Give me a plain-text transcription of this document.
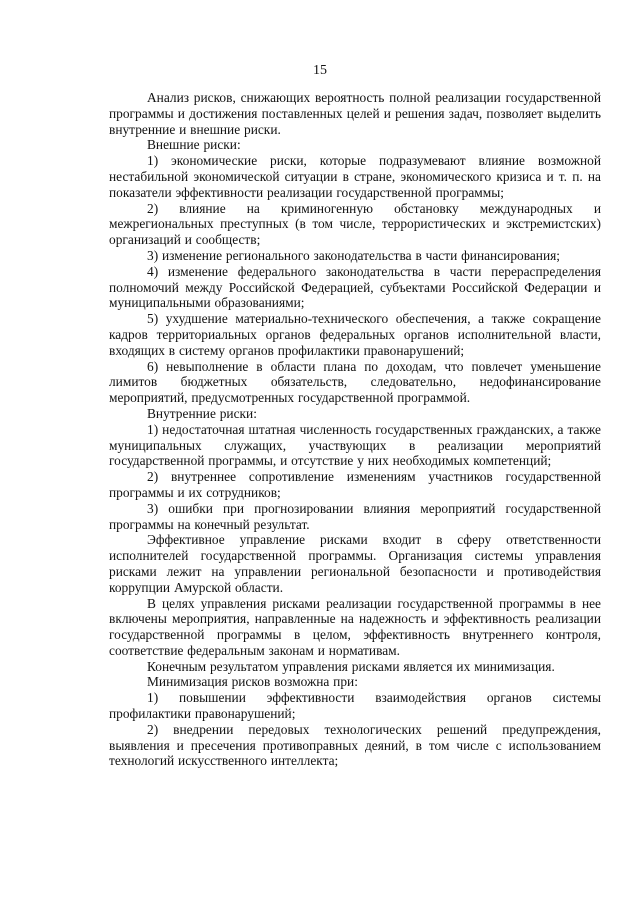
15

Анализ рисков, снижающих вероятность полной реализации государственной программы и достижения поставленных целей и решения задач, позволяет выделить внутренние и внешние риски.

Внешние риски:

1) экономические риски, которые подразумевают влияние возможной нестабильной экономической ситуации в стране, экономического кризиса и т. п. на показатели эффективности реализации государственной программы;

2) влияние на криминогенную обстановку международных и межрегиональных преступных (в том числе, террористических и экстремистских) организаций и сообществ;

3) изменение регионального законодательства в части финансирования;

4) изменение федерального законодательства в части перераспределения полномочий между Российской Федерацией, субъектами Российской Федерации и муниципальными образованиями;

5) ухудшение материально-технического обеспечения, а также сокращение кадров территориальных органов федеральных органов исполнительной власти, входящих в систему органов профилактики правонарушений;

6) невыполнение в области плана по доходам, что повлечет уменьшение лимитов бюджетных обязательств, следовательно, недофинансирование мероприятий, предусмотренных государственной программой.

Внутренние риски:

1) недостаточная штатная численность государственных гражданских, а также муниципальных служащих, участвующих в реализации мероприятий государственной программы, и отсутствие у них необходимых компетенций;

2) внутреннее сопротивление изменениям участников государственной программы и их сотрудников;

3) ошибки при прогнозировании влияния мероприятий государственной программы на конечный результат.

Эффективное управление рисками входит в сферу ответственности исполнителей государственной программы. Организация системы управления рисками лежит на управлении региональной безопасности и противодействия коррупции Амурской области.

В целях управления рисками реализации государственной программы в нее включены мероприятия, направленные на надежность и эффективность реализации государственной программы в целом, эффективность внутреннего контроля, соответствие федеральным законам и нормативам.

Конечным результатом управления рисками является их минимизация.

Минимизация рисков возможна при:

1) повышении эффективности взаимодействия органов системы профилактики правонарушений;

2) внедрении передовых технологических решений предупреждения, выявления и пресечения противоправных деяний, в том числе с использованием технологий искусственного интеллекта;
